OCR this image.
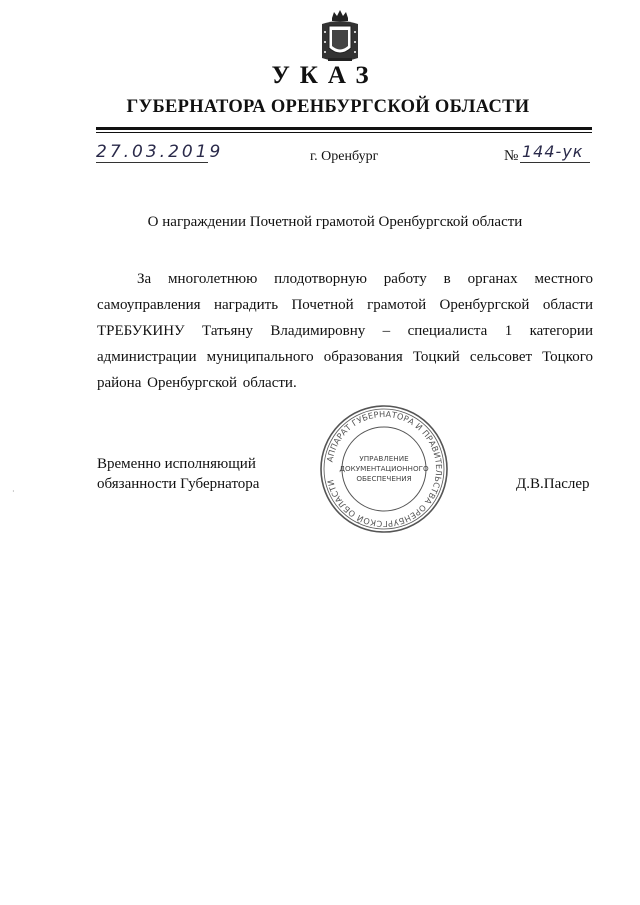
УКАЗ
ГУБЕРНАТОРА ОРЕНБУРГСКОЙ ОБЛАСТИ
27.03.2019	г. Оренбург	№ 144-ук
О награждении Почетной грамотой Оренбургской области
За многолетнюю плодотворную работу в органах местного самоуправления наградить Почетной грамотой Оренбургской области ТРЕБУКИНУ Татьяну Владимировну – специалиста 1 категории администрации муниципального образования Тоцкий сельсовет Тоцкого района Оренбургской области.
Временно исполняющий
обязанности Губернатора
АППАРАТ ГУБЕРНАТОРА И ПРАВИТЕЛЬСТВА ОРЕНБУРГСКОЙ ОБЛАСТИ
УПРАВЛЕНИЕ
ДОКУМЕНТАЦИОННОГО
ОБЕСПЕЧЕНИЯ	Д.В.Паслер
·
